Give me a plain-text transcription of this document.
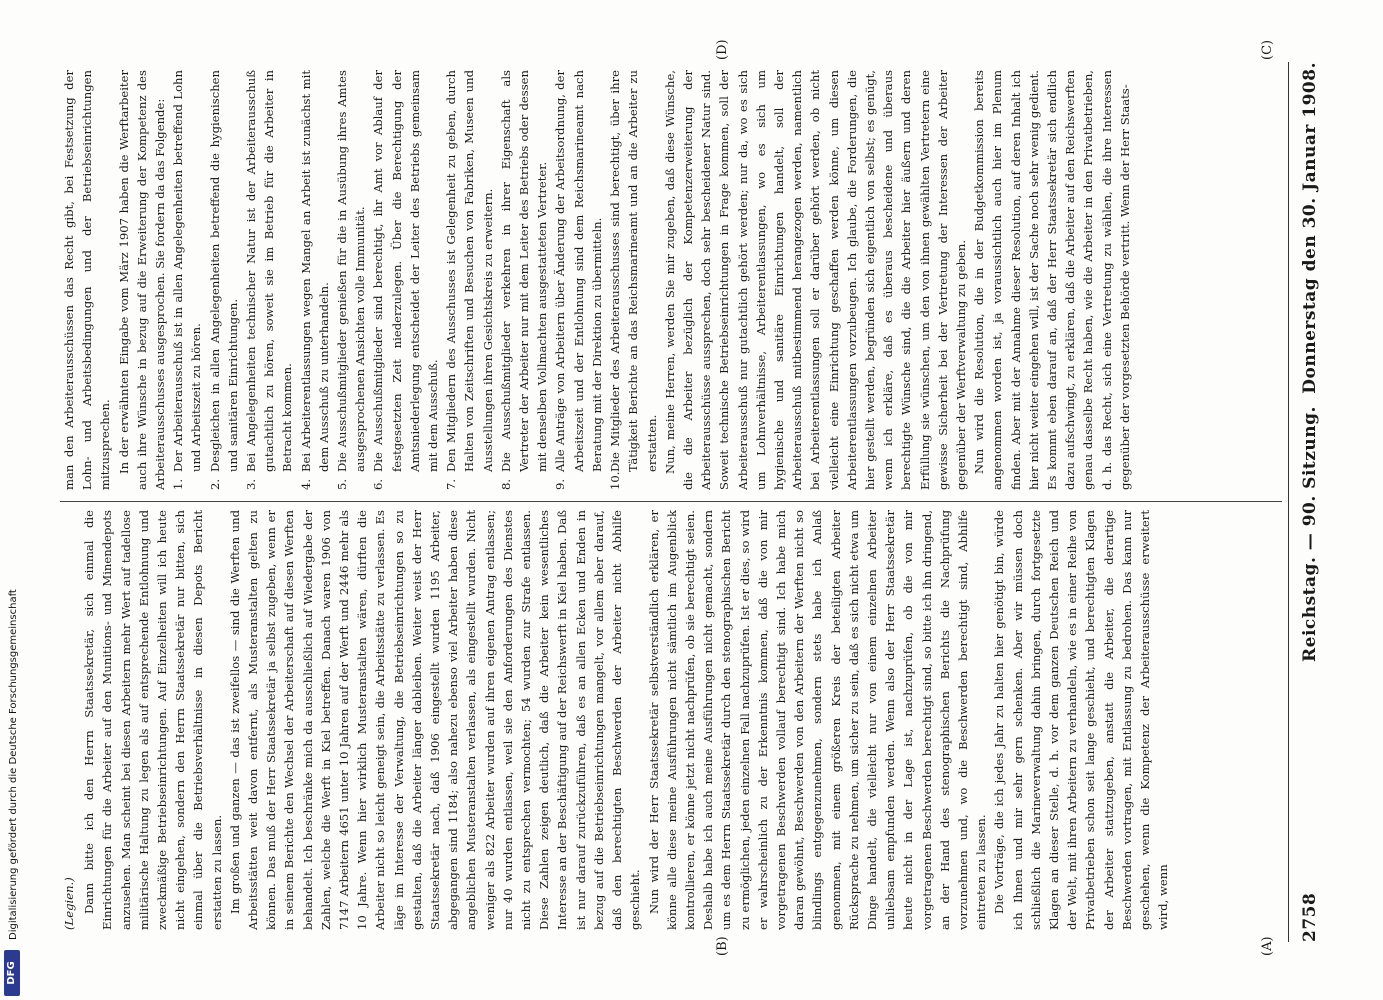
2758
Reichstag. — 90. Sitzung.
Donnerstag den 30. Januar 1908.
(A)
(B)
(C)
(D)

(Legien.) Dann bitte ich den Herrn Staatssekretär, sich einmal die Einrichtungen für die Arbeiter auf den Munitions- und Minendepots anzusehen. Man scheint bei diesen Arbeitern mehr Wert auf tadellose militärische Haltung zu legen als auf entsprechende Entlohnung und zweckmäßige Betriebseinrichtungen. Auf Einzelheiten will ich heute nicht eingehen, sondern den Herrn Staatssekretär nur bitten, sich einmal über die Betriebsverhältnisse in diesen Depots Bericht erstatten zu lassen. Im großen und ganzen — das ist zweifellos — sind die Werften und Arbeitsstätten weit davon entfernt, als Musteranstalten gelten zu können. Das muß der Herr Staatssekretär ja selbst zugeben, wenn er in seinem Berichte den Wechsel der Arbeiterschaft auf diesen Werften behandelt. Ich beschränke mich da ausschließlich auf Wiedergabe der Zahlen, welche die Werft in Kiel betreffen. Danach waren 1906 von 7147 Arbeitern 4651 unter 10 Jahren auf der Werft und 2446 mehr als 10 Jahre. Wenn hier wirklich Musteranstalten wären, dürften die Arbeiter nicht so leicht geneigt sein, die Arbeitsstätte zu verlassen. Es läge im Interesse der Verwaltung, die Betriebseinrichtungen so zu gestalten, daß die Arbeiter länger dableiben. Weiter weist der Herr Staatssekretär nach, daß 1906 eingestellt wurden 1195 Arbeiter, abgegangen sind 1184; also nahezu ebenso viel Arbeiter haben diese angeblichen Musteranstalten verlassen, als eingestellt wurden. Nicht weniger als 822 Arbeiter wurden auf ihren eigenen Antrag entlassen; nur 40 wurden entlassen, weil sie den Anforderungen des Dienstes nicht zu entsprechen vermochten; 54 wurden zur Strafe entlassen. Diese Zahlen zeigen deutlich, daß die Arbeiter kein wesentliches Interesse an der Beschäftigung auf der Reichswerft in Kiel haben. Daß ist nur darauf zurückzuführen, daß es an allen Ecken und Enden in bezug auf die Betriebseinrichtungen mangelt, vor allem aber darauf, daß den berechtigten Beschwerden der Arbeiter nicht Abhilfe geschieht. Nun wird der Herr Staatssekretär selbstverständlich erklären, er könne alle diese meine Ausführungen nicht sämtlich im Augenblick kontrollieren, er könne jetzt nicht nachprüfen, ob sie berechtigt seien. Deshalb habe ich auch meine Ausführungen nicht gemacht, sondern um es dem Herrn Staatssekretär durch den stenographischen Bericht zu ermöglichen, jeden einzelnen Fall nachzuprüfen. Ist er dies, so wird er wahrscheinlich zu der Erkenntnis kommen, daß die von mir vorgetragenen Beschwerden vollauf berechtigt sind. Ich habe mich daran gewöhnt, Beschwerden von den Arbeitern der Werften nicht so blindlings entgegenzunehmen, sondern stets habe ich Anlaß genommen, mit einem größeren Kreis der beteiligten Arbeiter Rücksprache zu nehmen, um sicher zu sein, daß es sich nicht etwa um Dinge handelt, die vielleicht nur von einem einzelnen Arbeiter unliebsam empfunden werden. Wenn also der Herr Staatssekretär heute nicht in der Lage ist, nachzuprüfen, ob die von mir vorgetragenen Beschwerden berechtigt sind, so bitte ich ihn dringend, an der Hand des stenographischen Berichts die Nachprüfung vorzunehmen und, wo die Beschwerden berechtigt sind, Abhilfe eintreten zu lassen. Die Vorträge, die ich jedes Jahr zu halten hier genötigt bin, würde ich Ihnen und mir sehr gern schenken. Aber wir müssen doch schließlich die Marineverwaltung dahin bringen, durch fortgesetzte Klagen an dieser Stelle, d. h. vor dem ganzen Deutschen Reich und der Welt, mit ihren Arbeitern zu verhandeln, wie es in einer Reihe von Privatbetrieben schon seit lange geschieht, und berechtigten Klagen der Arbeiter stattzugeben, anstatt die Arbeiter, die derartige Beschwerden vortragen, mit Entlassung zu bedrohen. Das kann nur geschehen, wenn die Kompetenz der Arbeiterausschüsse erweitert wird, wenn

man den Arbeiterausschüssen das Recht gibt, bei Festsetzung der Lohn- und Arbeitsbedingungen und der Betriebseinrichtungen mitzusprechen. In der erwähnten Eingabe vom März 1907 haben die Werftarbeiter auch ihre Wünsche in bezug auf die Erweiterung der Kompetenz des Arbeiterausschusses ausgesprochen. Sie fordern da das Folgende: 1.
Der Arbeiterausschuß ist in allen Angelegenheiten betreffend Lohn und Arbeitszeit zu hören.

2.
Desgleichen in allen Angelegenheiten betreffend die hygienischen und sanitären Einrichtungen.

3.
Bei Angelegenheiten technischer Natur ist der Arbeiterausschuß gutachtlich zu hören, soweit sie im Betrieb für die Arbeiter in Betracht kommen.

4.
Bei Arbeiterentlassungen wegen Mangel an Arbeit ist zunächst mit dem Ausschuß zu unterhandeln.

5.
Die Ausschußmitglieder genießen für die in Ausübung ihres Amtes ausgesprochenen Ansichten volle Immunität.

6.
Die Ausschußmitglieder sind berechtigt, ihr Amt vor Ablauf der festgesetzten Zeit niederzulegen. Über die Berechtigung der Amtsniederlegung entscheidet der Leiter des Betriebs gemeinsam mit dem Ausschuß.

7.
Den Mitgliedern des Ausschusses ist Gelegenheit zu geben, durch Halten von Zeitschriften und Besuchen von Fabriken, Museen und Ausstellungen ihren Gesichtskreis zu erweitern.

8.
Die Ausschußmitglieder verkehren in ihrer Eigenschaft als Vertreter der Arbeiter nur mit dem Leiter des Betriebs oder dessen mit denselben Vollmachten ausgestatteten Vertreter.

9.
Alle Anträge von Arbeitern über Änderung der Arbeitsordnung, der Arbeitszeit und der Entlohnung sind dem Reichsmarineamt nach Beratung mit der Direktion zu übermitteln.

10.
Die Mitglieder des Arbeiterausschusses sind berechtigt, über ihre Tätigkeit Berichte an das Reichsmarineamt und an die Arbeiter zu erstatten. Nun, meine Herren, werden Sie mir zugeben, daß diese Wünsche, die die Arbeiter bezüglich der Kompetenzerweiterung der Arbeiterausschüsse aussprechen, doch sehr bescheidener Natur sind. Soweit technische Betriebseinrichtungen in Frage kommen, soll der Arbeiterausschuß nur gutachtlich gehört werden; nur da, wo es sich um Lohnverhältnisse, Arbeiterentlassungen, wo es sich um hygienische und sanitäre Einrichtungen handelt, soll der Arbeiterausschuß mitbestimmend herangezogen werden, namentlich bei Arbeiterentlassungen soll er darüber gehört werden, ob nicht vielleicht eine Einrichtung geschaffen werden könne, um diesen Arbeiterentlassungen vorzubeugen. Ich glaube, die Forderungen, die hier gestellt werden, begründen sich eigentlich von selbst; es genügt, wenn ich erkläre, daß es überaus bescheidene und überaus berechtigte Wünsche sind, die die Arbeiter hier äußern und deren Erfüllung sie wünschen, um den von ihnen gewählten Vertretern eine gewisse Sicherheit bei der Vertretung der Interessen der Arbeiter gegenüber der Werftverwaltung zu geben. Nun wird die Resolution, die in der Budgetkommission bereits angenommen worden ist, ja voraussichtlich auch hier im Plenum finden. Aber mit der Annahme dieser Resolution, auf deren Inhalt ich hier nicht weiter eingehen will, ist der Sache noch sehr wenig gedient. Es kommt eben darauf an, daß der Herr Staatssekretär sich endlich dazu aufschwingt, zu erklären, daß die Arbeiter auf den Reichswerften genau dasselbe Recht haben, wie die Arbeiter in den Privatbetrieben, d. h. das Recht, sich eine Vertretung zu wählen, die ihre Interessen gegenüber der vorgesetzten Behörde vertritt. Wenn der Herr Staats-

DFG
Digitalisierung gefördert durch die Deutsche Forschungsgemeinschaft
